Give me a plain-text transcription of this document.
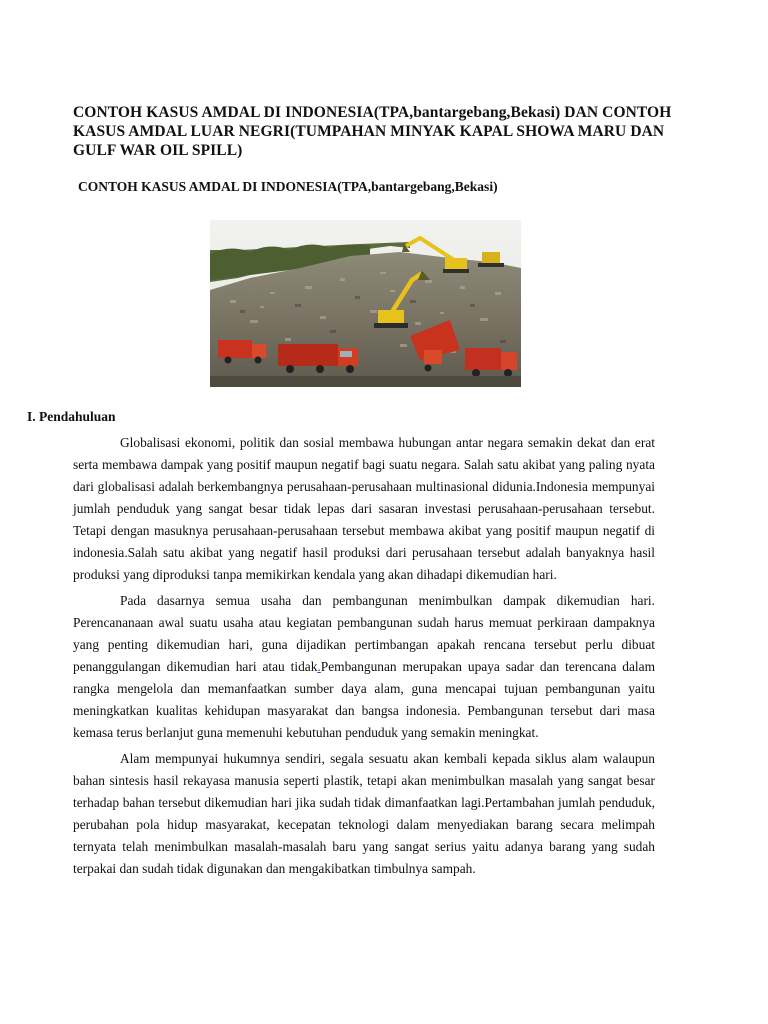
CONTOH KASUS AMDAL DI INDONESIA(TPA,bantargebang,Bekasi) DAN CONTOH KASUS AMDAL LUAR NEGRI(TUMPAHAN MINYAK KAPAL SHOWA MARU DAN GULF WAR OIL SPILL)
CONTOH KASUS AMDAL DI INDONESIA(TPA,bantargebang,Bekasi)
I. Pendahuluan

Globalisasi ekonomi, politik dan sosial membawa hubungan antar negara semakin dekat dan erat serta membawa dampak yang positif maupun negatif bagi suatu negara. Salah satu akibat yang paling nyata dari globalisasi adalah berkembangnya perusahaan-perusahaan multinasional didunia.Indonesia mempunyai jumlah penduduk yang sangat besar tidak lepas dari sasaran investasi perusahaan-perusahaan tersebut. Tetapi dengan masuknya perusahaan-perusahaan tersebut membawa akibat yang positif maupun negatif di indonesia.Salah satu akibat yang negatif hasil produksi dari perusahaan tersebut adalah banyaknya hasil produksi yang diproduksi tanpa memikirkan kendala yang akan dihadapi dikemudian hari.

Pada dasarnya semua usaha dan pembangunan menimbulkan dampak dikemudian hari. Perencananaan awal suatu usaha atau kegiatan pembangunan sudah harus memuat perkiraan dampaknya yang penting dikemudian hari, guna dijadikan pertimbangan apakah rencana tersebut perlu dibuat penanggulangan dikemudian hari atau tidak.Pembangunan merupakan upaya sadar dan terencana dalam rangka mengelola dan memanfaatkan sumber daya alam, guna mencapai tujuan pembangunan yaitu meningkatkan kualitas kehidupan masyarakat dan bangsa indonesia. Pembangunan tersebut dari masa kemasa terus berlanjut guna memenuhi kebutuhan penduduk yang semakin meningkat.

Alam mempunyai hukumnya sendiri, segala sesuatu akan kembali kepada siklus alam walaupun bahan sintesis hasil rekayasa manusia seperti plastik, tetapi akan menimbulkan masalah yang sangat besar terhadap bahan tersebut dikemudian hari jika sudah tidak dimanfaatkan lagi.Pertambahan jumlah penduduk, perubahan pola hidup masyarakat, kecepatan teknologi dalam menyediakan barang secara melimpah ternyata telah menimbulkan masalah-masalah baru yang sangat serius yaitu adanya barang yang sudah terpakai dan sudah tidak digunakan dan mengakibatkan timbulnya sampah.
